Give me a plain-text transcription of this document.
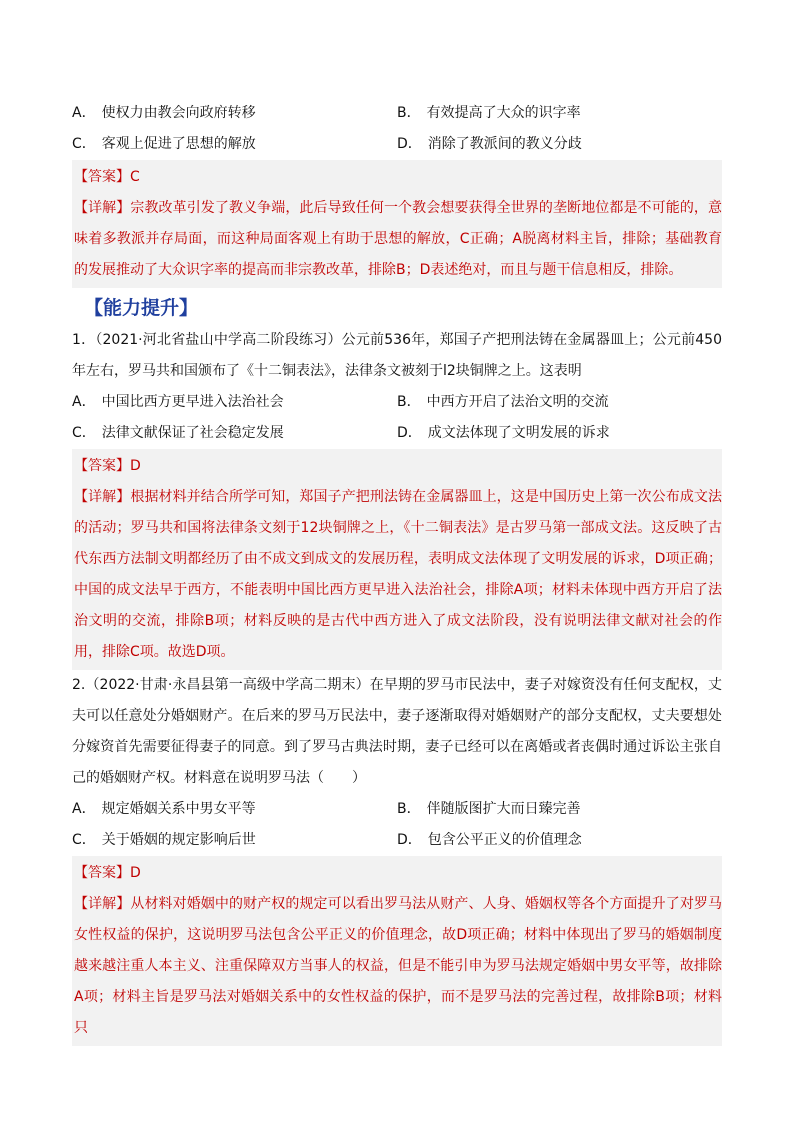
A． 使权力由教会向政府转移	B． 有效提高了大众的识字率
C． 客观上促进了思想的解放	D． 消除了教派间的教义分歧
【答案】C
【详解】宗教改革引发了教义争端，此后导致任何一个教会想要获得全世界的垄断地位都是不可能的，意味着多教派并存局面，而这种局面客观上有助于思想的解放，C正确；A脱离材料主旨，排除；基础教育的发展推动了大众识字率的提高而非宗教改革，排除B；D表述绝对，而且与题干信息相反，排除。
【能力提升】
1．（2021·河北省盐山中学高二阶段练习）公元前536年，郑国子产把刑法铸在金属器皿上；公元前450年左右，罗马共和国颁布了《十二铜表法》，法律条文被刻于l2块铜牌之上。这表明
A． 中国比西方更早进入法治社会	B． 中西方开启了法治文明的交流
C． 法律文献保证了社会稳定发展	D． 成文法体现了文明发展的诉求
【答案】D
【详解】根据材料并结合所学可知，郑国子产把刑法铸在金属器皿上，这是中国历史上第一次公布成文法的活动；罗马共和国将法律条文刻于12块铜牌之上，《十二铜表法》是古罗马第一部成文法。这反映了古代东西方法制文明都经历了由不成文到成文的发展历程，表明成文法体现了文明发展的诉求，D项正确；中国的成文法早于西方，不能表明中国比西方更早进入法治社会，排除A项；材料未体现中西方开启了法治文明的交流，排除B项；材料反映的是古代中西方进入了成文法阶段，没有说明法律文献对社会的作用，排除C项。故选D项。
2.（2022·甘肃·永昌县第一高级中学高二期末）在早期的罗马市民法中，妻子对嫁资没有任何支配权，丈夫可以任意处分婚姻财产。在后来的罗马万民法中，妻子逐渐取得对婚姻财产的部分支配权，丈夫要想处分嫁资首先需要征得妻子的同意。到了罗马古典法时期，妻子已经可以在离婚或者丧偶时通过诉讼主张自己的婚姻财产权。材料意在说明罗马法（　　）
A． 规定婚姻关系中男女平等	B． 伴随版图扩大而日臻完善
C． 关于婚姻的规定影响后世	D． 包含公平正义的价值理念
【答案】D
【详解】从材料对婚姻中的财产权的规定可以看出罗马法从财产、人身、婚姻权等各个方面提升了对罗马女性权益的保护，这说明罗马法包含公平正义的价值理念，故D项正确；材料中体现出了罗马的婚姻制度越来越注重人本主义、注重保障双方当事人的权益，但是不能引申为罗马法规定婚姻中男女平等，故排除A项；材料主旨是罗马法对婚姻关系中的女性权益的保护，而不是罗马法的完善过程，故排除B项；材料只
